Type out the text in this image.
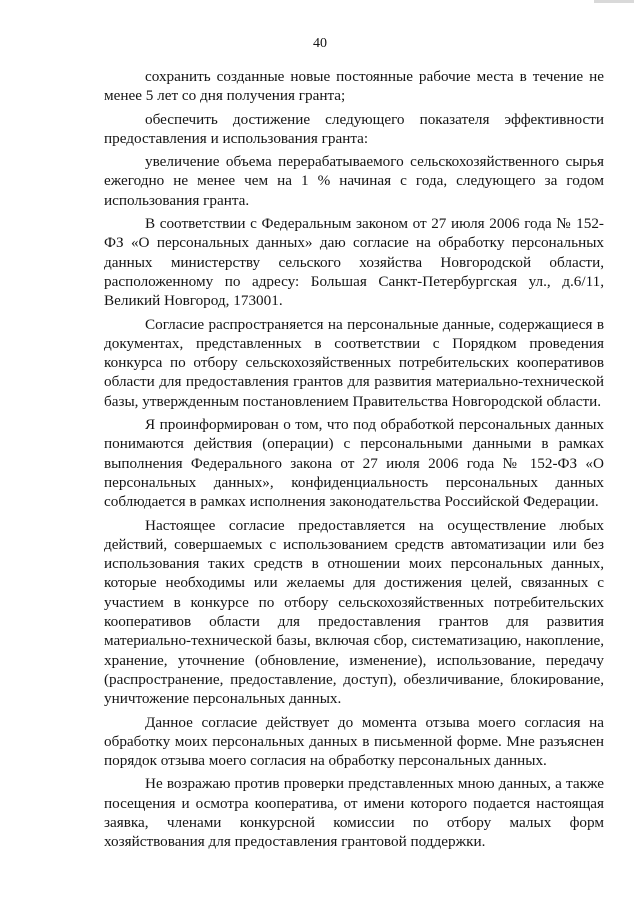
40

сохранить созданные новые постоянные рабочие места в течение не менее 5 лет со дня получения гранта;

обеспечить достижение следующего показателя эффективности предоставления и использования гранта:

увеличение объема перерабатываемого сельскохозяйственного сырья ежегодно не менее чем на 1 % начиная с года, следующего за годом использования гранта.

В соответствии с Федеральным законом от 27 июля 2006 года № 152-ФЗ «О персональных данных» даю согласие на обработку персональных данных министерству сельского хозяйства Новгородской области, расположенному по адресу: Большая Санкт-Петербургская ул., д.6/11, Великий Новгород, 173001.

Согласие распространяется на персональные данные, содержащиеся в документах, представленных в соответствии с Порядком проведения конкурса по отбору сельскохозяйственных потребительских кооперативов области для предоставления грантов для развития материально-технической базы, утвержденным постановлением Правительства Новгородской области.

Я проинформирован о том, что под обработкой персональных данных понимаются действия (операции) с персональными данными в рамках выполнения Федерального закона от 27 июля 2006 года № 152-ФЗ «О персональных данных», конфиденциальность персональных данных соблюдается в рамках исполнения законодательства Российской Федерации.

Настоящее согласие предоставляется на осуществление любых действий, совершаемых с использованием средств автоматизации или без использования таких средств в отношении моих персональных данных, которые необходимы или желаемы для достижения целей, связанных с участием в конкурсе по отбору сельскохозяйственных потребительских кооперативов области для предоставления грантов для развития материально-технической базы, включая сбор, систематизацию, накопление, хранение, уточнение (обновление, изменение), использование, передачу (распространение, предоставление, доступ), обезличивание, блокирование, уничтожение персональных данных.

Данное согласие действует до момента отзыва моего согласия на обработку моих персональных данных в письменной форме. Мне разъяснен порядок отзыва моего согласия на обработку персональных данных.

Не возражаю против проверки представленных мною данных, а также посещения и осмотра кооператива, от имени которого подается настоящая заявка, членами конкурсной комиссии по отбору малых форм хозяйствования для предоставления грантовой поддержки.
